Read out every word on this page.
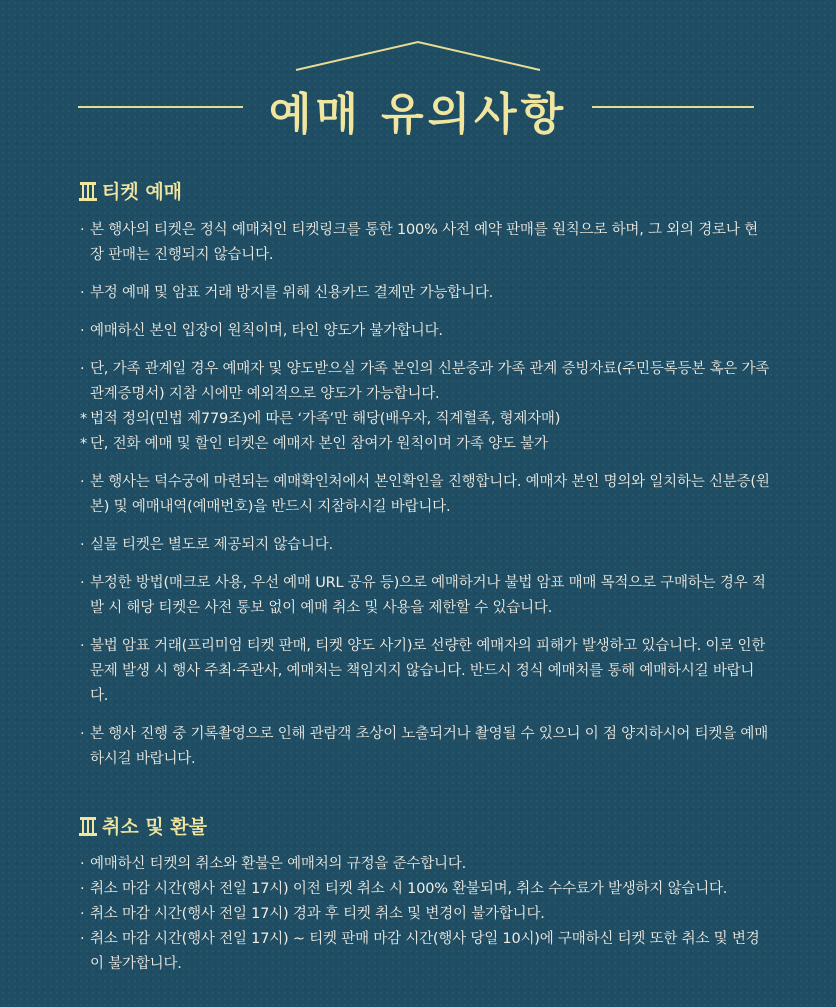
예매 유의사항
티켓 예매
· 본 행사의 티켓은 정식 예매처인 티켓링크를 통한 100% 사전 예약 판매를 원칙으로 하며, 그 외의 경로나 현장 판매는 진행되지 않습니다.
· 부정 예매 및 암표 거래 방지를 위해 신용카드 결제만 가능합니다.
· 예매하신 본인 입장이 원칙이며, 타인 양도가 불가합니다.
· 단, 가족 관계일 경우 예매자 및 양도받으실 가족 본인의 신분증과 가족 관계 증빙자료(주민등록등본 혹은 가족관계증명서) 지참 시에만 예외적으로 양도가 가능합니다.
* 법적 정의(민법 제779조)에 따른 ‘가족’만 해당(배우자, 직계혈족, 형제자매)
* 단, 전화 예매 및 할인 티켓은 예매자 본인 참여가 원칙이며 가족 양도 불가
· 본 행사는 덕수궁에 마련되는 예매확인처에서 본인확인을 진행합니다. 예매자 본인 명의와 일치하는 신분증(원본) 및 예매내역(예매번호)을 반드시 지참하시길 바랍니다.
· 실물 티켓은 별도로 제공되지 않습니다.
· 부정한 방법(매크로 사용, 우선 예매 URL 공유 등)으로 예매하거나 불법 암표 매매 목적으로 구매하는 경우 적발 시 해당 티켓은 사전 통보 없이 예매 취소 및 사용을 제한할 수 있습니다.
· 불법 암표 거래(프리미엄 티켓 판매, 티켓 양도 사기)로 선량한 예매자의 피해가 발생하고 있습니다. 이로 인한 문제 발생 시 행사 주최·주관사, 예매처는 책임지지 않습니다. 반드시 정식 예매처를 통해 예매하시길 바랍니다.
· 본 행사 진행 중 기록촬영으로 인해 관람객 초상이 노출되거나 촬영될 수 있으니 이 점 양지하시어 티켓을 예매하시길 바랍니다.
취소 및 환불
· 예매하신 티켓의 취소와 환불은 예매처의 규정을 준수합니다.
· 취소 마감 시간(행사 전일 17시) 이전 티켓 취소 시 100% 환불되며, 취소 수수료가 발생하지 않습니다.
· 취소 마감 시간(행사 전일 17시) 경과 후 티켓 취소 및 변경이 불가합니다.
· 취소 마감 시간(행사 전일 17시) ~ 티켓 판매 마감 시간(행사 당일 10시)에 구매하신 티켓 또한 취소 및 변경이 불가합니다.
